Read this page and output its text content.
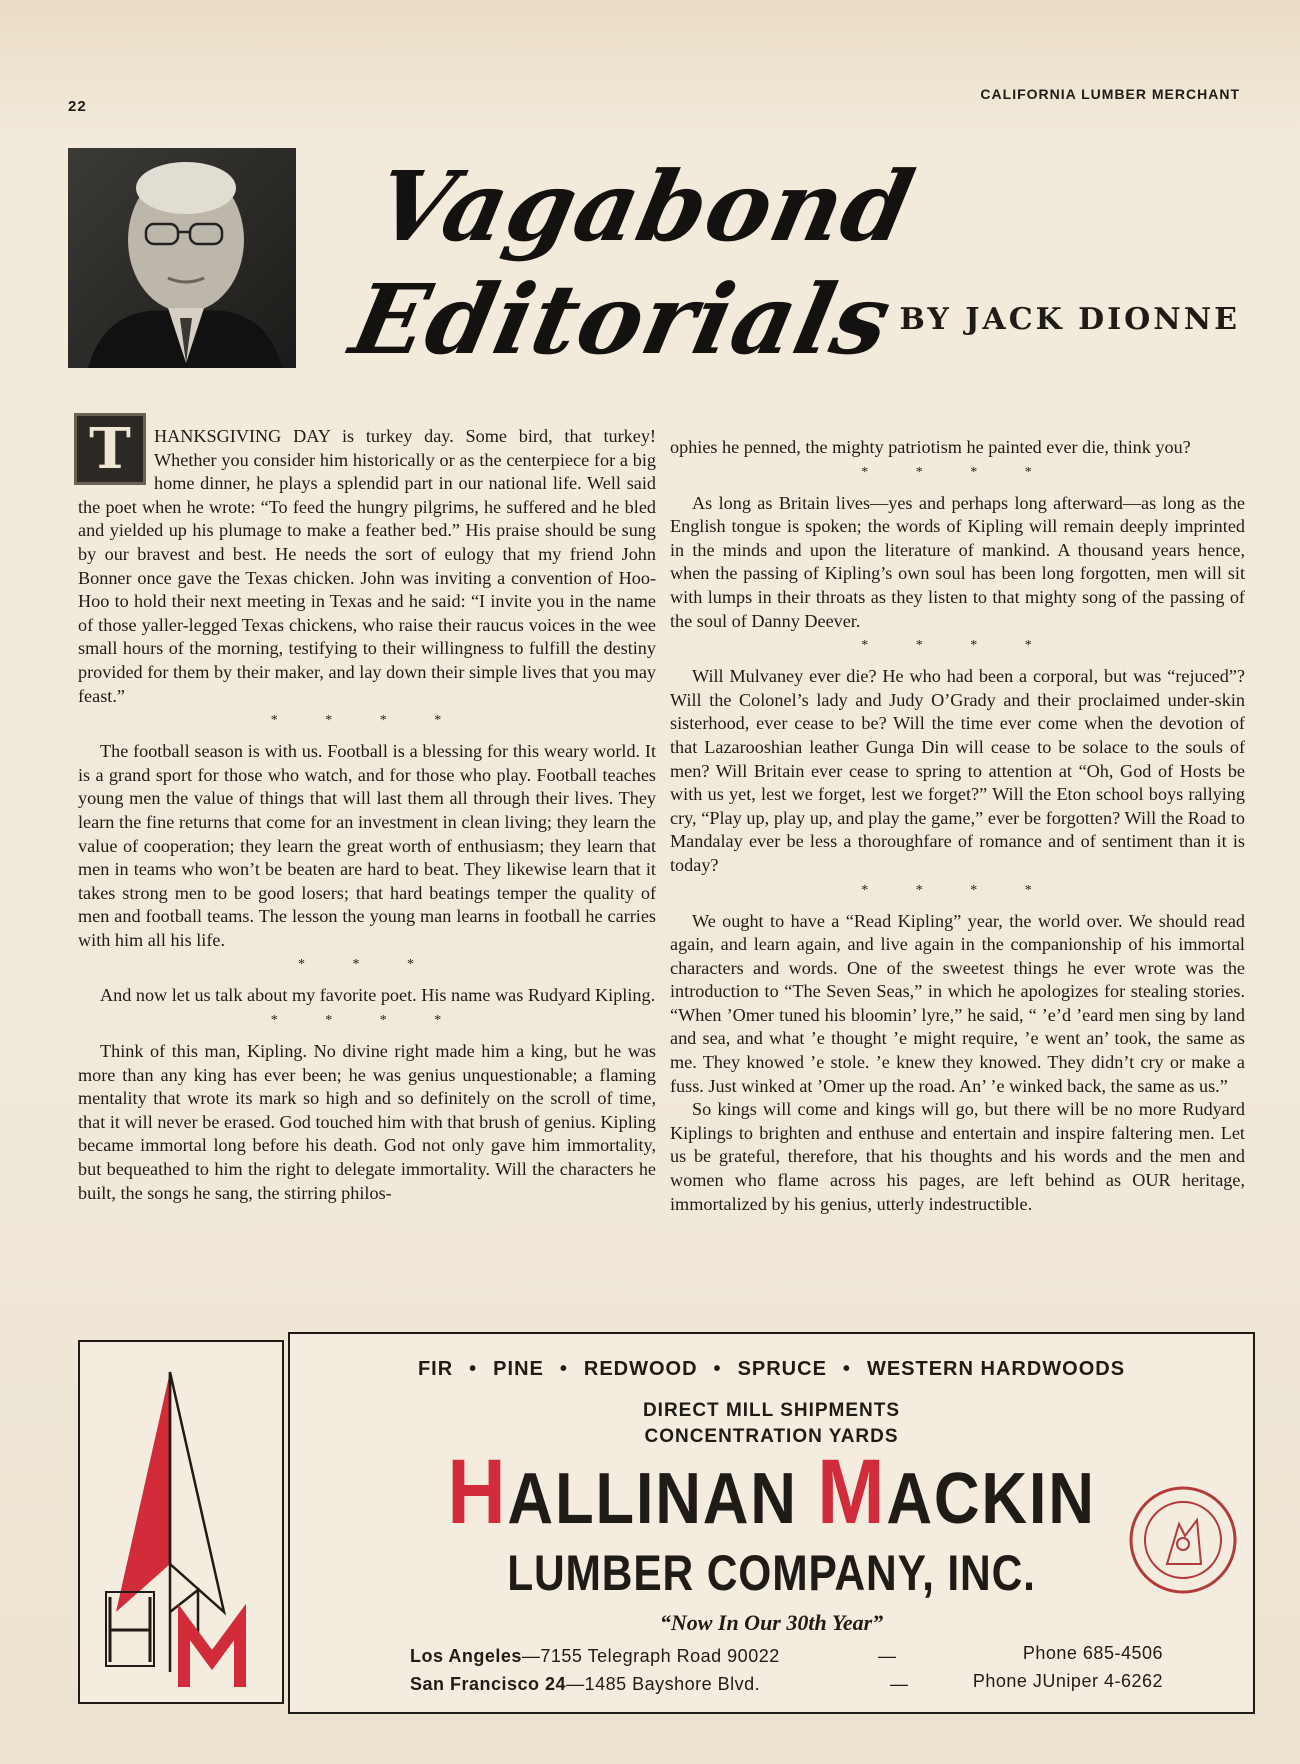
22
CALIFORNIA LUMBER MERCHANT
Vagabond Editorials
BY JACK DIONNE

T	HANKSGIVING DAY is turkey day. Some bird, that turkey! Whether you consider him historically or as the centerpiece for a big home dinner, he plays a splendid part in our national life. Well said the poet when he wrote: “To feed the hungry pilgrims, he suffered and he bled and yielded up his plumage to make a feather bed.” His praise should be sung by our bravest and best. He needs the sort of eulogy that my friend John Bonner once gave the Texas chicken. John was inviting a convention of Hoo-Hoo to hold their next meeting in Texas and he said: “I invite you in the name of those yaller-legged Texas chickens, who raise their raucus voices in the wee small hours of the morning, testifying to their willingness to fulfill the destiny provided for them by their maker, and lay down their simple lives that you may feast.”

* * * *

The football season is with us. Football is a blessing for this weary world. It is a grand sport for those who watch, and for those who play. Football teaches young men the value of things that will last them all through their lives. They learn the fine returns that come for an investment in clean living; they learn the value of cooperation; they learn the great worth of enthusiasm; they learn that men in teams who won’t be beaten are hard to beat. They likewise learn that it takes strong men to be good losers; that hard beatings temper the quality of men and football teams. The lesson the young man learns in football he carries with him all his life.

* * *

And now let us talk about my favorite poet. His name was Rudyard Kipling.

* * * *

Think of this man, Kipling. No divine right made him a king, but he was more than any king has ever been; he was genius unquestionable; a flaming mentality that wrote its mark so high and so definitely on the scroll of time, that it will never be erased. God touched him with that brush of genius. Kipling became immortal long before his death. God not only gave him immortality, but bequeathed to him the right to delegate immortality. Will the characters he built, the songs he sang, the stirring philos-

ophies he penned, the mighty patriotism he painted ever die, think you?

* * * *

As long as Britain lives—yes and perhaps long afterward—as long as the English tongue is spoken; the words of Kipling will remain deeply imprinted in the minds and upon the literature of mankind. A thousand years hence, when the passing of Kipling’s own soul has been long forgotten, men will sit with lumps in their throats as they listen to that mighty song of the passing of the soul of Danny Deever.

* * * *

Will Mulvaney ever die? He who had been a corporal, but was “rejuced”? Will the Colonel’s lady and Judy O’Grady and their proclaimed under-skin sisterhood, ever cease to be? Will the time ever come when the devotion of that Lazarooshian leather Gunga Din will cease to be solace to the souls of men? Will Britain ever cease to spring to attention at “Oh, God of Hosts be with us yet, lest we forget, lest we forget?” Will the Eton school boys rallying cry, “Play up, play up, and play the game,” ever be forgotten? Will the Road to Mandalay ever be less a thoroughfare of romance and of sentiment than it is today?

* * * *

We ought to have a “Read Kipling” year, the world over. We should read again, and learn again, and live again in the companionship of his immortal characters and words. One of the sweetest things he ever wrote was the introduction to “The Seven Seas,” in which he apologizes for stealing stories. “When ’Omer tuned his bloomin’ lyre,” he said, “ ’e’d ’eard men sing by land and sea, and what ’e thought ’e might require, ’e went an’ took, the same as me. They knowed ’e stole. ’e knew they knowed. They didn’t cry or make a fuss. Just winked at ’Omer up the road. An’ ’e winked back, the same as us.”

So kings will come and kings will go, but there will be no more Rudyard Kiplings to brighten and enthuse and entertain and inspire faltering men. Let us be grateful, therefore, that his thoughts and his words and the men and women who flame across his pages, are left behind as OUR heritage, immortalized by his genius, utterly indestructible.

FIR • PINE • REDWOOD • SPRUCE • WESTERN HARDWOODS
DIRECT MILL SHIPMENTS
CONCENTRATION YARDS
HALLINAN MACKIN
LUMBER COMPANY, INC.
“Now In Our 30th Year”
Los Angeles—7155 Telegraph Road 90022
San Francisco 24—1485 Bayshore Blvd.
—
—
Phone 685-4506
Phone JUniper 4-6262
